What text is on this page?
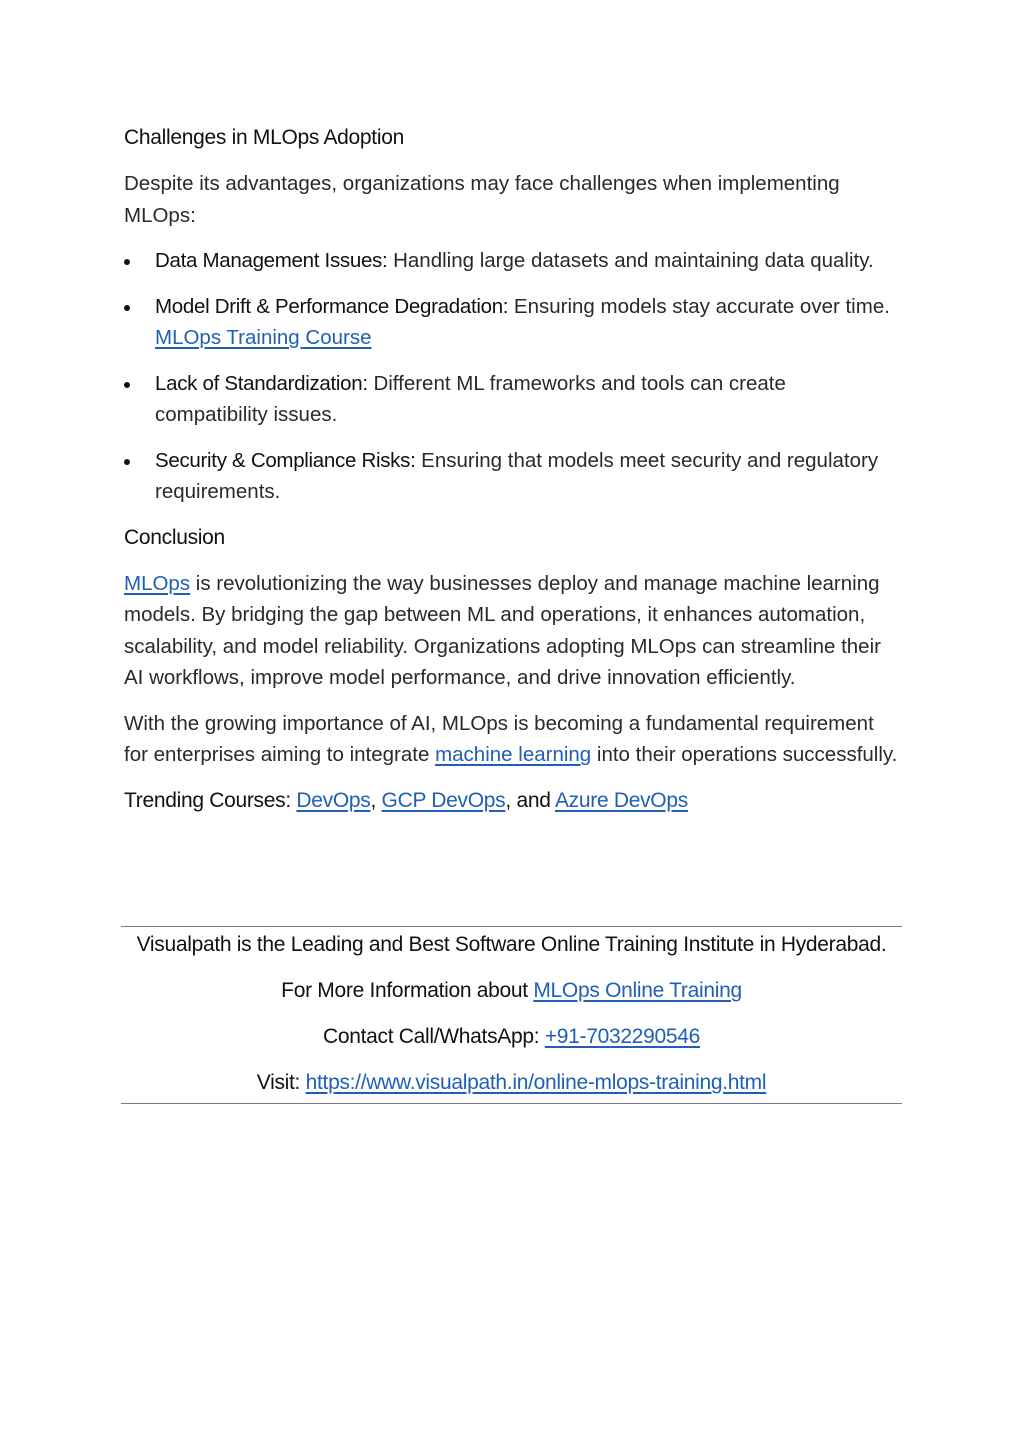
Challenges in MLOps Adoption

Despite its advantages, organizations may face challenges when implementing MLOps:

Data Management Issues: Handling large datasets and maintaining data quality.
Model Drift & Performance Degradation: Ensuring models stay accurate over time. MLOps Training Course
Lack of Standardization: Different ML frameworks and tools can create compatibility issues.
Security & Compliance Risks: Ensuring that models meet security and regulatory requirements.
Conclusion

MLOps is revolutionizing the way businesses deploy and manage machine learning models. By bridging the gap between ML and operations, it enhances automation, scalability, and model reliability. Organizations adopting MLOps can streamline their AI workflows, improve model performance, and drive innovation efficiently.

With the growing importance of AI, MLOps is becoming a fundamental requirement for enterprises aiming to integrate machine learning into their operations successfully.

Trending Courses: DevOps, GCP DevOps, and Azure DevOps

Visualpath is the Leading and Best Software Online Training Institute in Hyderabad.
For More Information about MLOps Online Training
Contact Call/WhatsApp: +91-7032290546
Visit: https://www.visualpath.in/online-mlops-training.html
